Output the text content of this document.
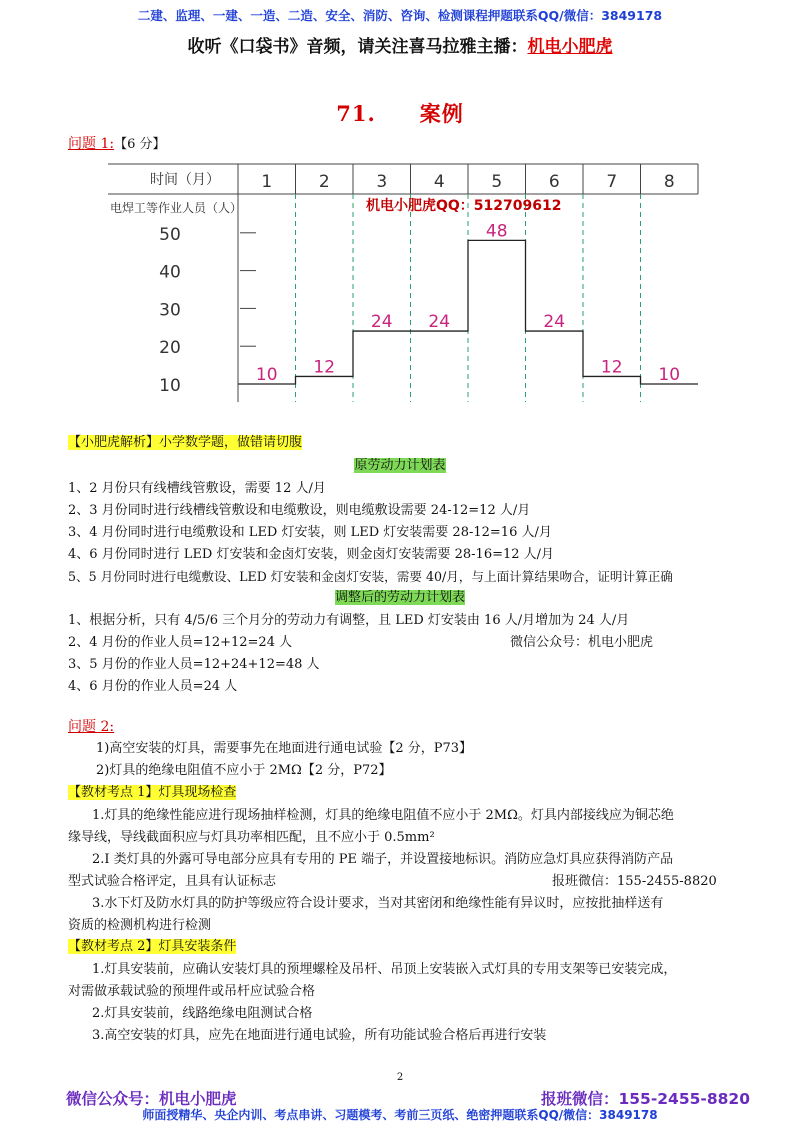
二建、监理、一建、一造、二造、安全、消防、咨询、检测课程押题联系QQ/微信：3849178
收听《口袋书》音频，请关注喜马拉雅主播：机电小肥虎
71.　　案例
问题 1:【6 分】
1	2	3	4	5	6	7	8
50
40
30
20
10
10 12
24 24
48
24
12 10
时间（月）
电焊工等作业人员（人）	机电小肥虎QQ：512709612
【小肥虎解析】小学数学题，做错请切腹
原劳动力计划表
1、2 月份只有线槽线管敷设，需要 12 人/月
2、3 月份同时进行线槽线管敷设和电缆敷设，则电缆敷设需要 24-12=12 人/月
3、4 月份同时进行电缆敷设和 LED 灯安装，则 LED 灯安装需要 28-12=16 人/月
4、6 月份同时进行 LED 灯安装和金卤灯安装，则金卤灯安装需要 28-16=12 人/月
5、5 月份同时进行电缆敷设、LED 灯安装和金卤灯安装，需要 40/月，与上面计算结果吻合，证明计算正确
调整后的劳动力计划表
1、根据分析，只有 4/5/6 三个月分的劳动力有调整，且 LED 灯安装由 16 人/月增加为 24 人/月
2、4 月份的作业人员=12+12=24 人
3、5 月份的作业人员=12+24+12=48 人
4、6 月份的作业人员=24 人
微信公众号：机电小肥虎
问题 2:
1)高空安装的灯具，需要事先在地面进行通电试验【2 分，P73】
2)灯具的绝缘电阻值不应小于 2MΩ【2 分，P72】
【教材考点 1】灯具现场检查
1.灯具的绝缘性能应进行现场抽样检测，灯具的绝缘电阻值不应小于 2MΩ。灯具内部接线应为铜芯绝
缘导线，导线截面积应与灯具功率相匹配，且不应小于 0.5mm²
2.Ⅰ 类灯具的外露可导电部分应具有专用的 PE 端子，并设置接地标识。消防应急灯具应获得消防产品
型式试验合格评定，且具有认证标志
3.水下灯及防水灯具的防护等级应符合设计要求，当对其密闭和绝缘性能有异议时，应按批抽样送有
资质的检测机构进行检测
报班微信：155-2455-8820
【教材考点 2】灯具安装条件
1.灯具安装前，应确认安装灯具的预埋螺栓及吊杆、吊顶上安装嵌入式灯具的专用支架等已安装完成，
对需做承载试验的预埋件或吊杆应试验合格
2.灯具安装前，线路绝缘电阻测试合格
3.高空安装的灯具，应先在地面进行通电试验，所有功能试验合格后再进行安装
2
微信公众号：机电小肥虎	报班微信：155-2455-8820
师面授精华、央企内训、考点串讲、习题模考、考前三页纸、绝密押题联系QQ/微信：3849178
